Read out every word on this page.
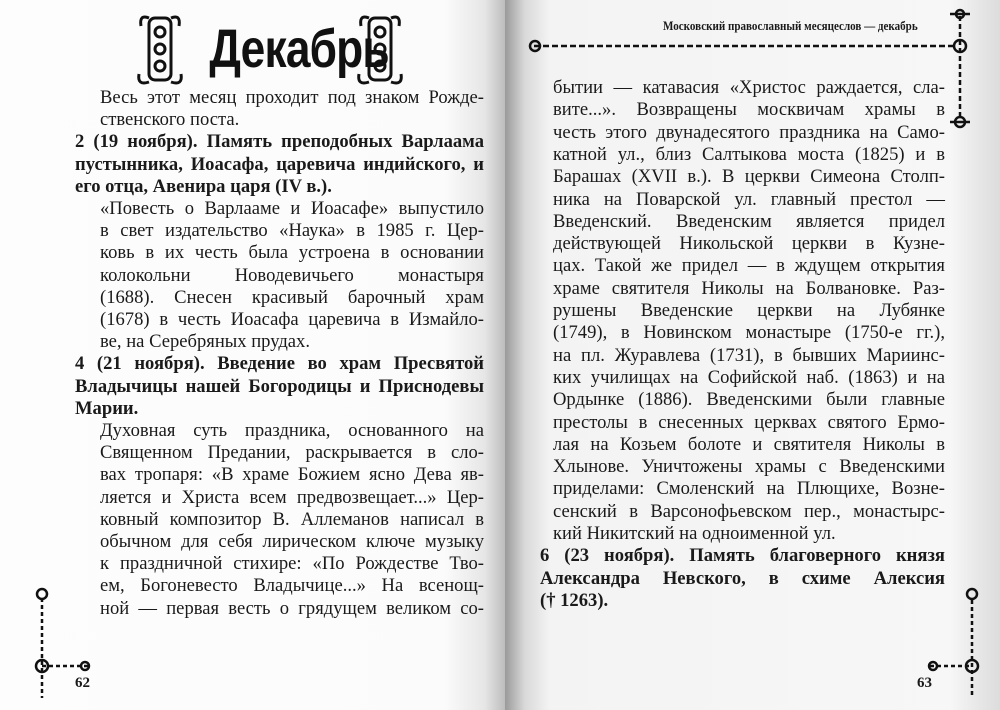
Декабрь
Весь этот месяц проходит под знаком Рожде-
ственского поста.
2 (19 ноября). Память преподобных Варлаама
пустынника, Иоасафа, царевича индийского, и
его отца, Авенира царя (IV в.).
«Повесть о Варлааме и Иоасафе» выпустило
в свет издательство «Наука» в 1985 г. Цер-
ковь в их честь была устроена в основании
колокольни Новодевичьего монастыря
(1688). Снесен красивый барочный храм
(1678) в честь Иоасафа царевича в Измайло-
ве, на Серебряных прудах.
4 (21 ноября). Введение во храм Пресвятой
Владычицы нашей Богородицы и Приснодевы
Марии.
Духовная суть праздника, основанного на
Священном Предании, раскрывается в сло-
вах тропаря: «В храме Божием ясно Дева яв-
ляется и Христа всем предвозвещает...» Цер-
ковный композитор В. Аллеманов написал в
обычном для себя лирическом ключе музыку
к праздничной стихире: «По Рождестве Тво-
ем, Богоневесто Владычице...» На всенощ-
ной — первая весть о грядущем великом со-
62
Московский православный месяцеслов — декабрь
бытии — катавасия «Христос раждается, сла-
вите...». Возвращены москвичам храмы в
честь этого двунадесятого праздника на Само-
катной ул., близ Салтыкова моста (1825) и в
Барашах (XVII в.). В церкви Симеона Столп-
ника на Поварской ул. главный престол —
Введенский. Введенским является придел
действующей Никольской церкви в Кузне-
цах. Такой же придел — в ждущем открытия
храме святителя Николы на Болвановке. Раз-
рушены Введенские церкви на Лубянке
(1749), в Новинском монастыре (1750-е гг.),
на пл. Журавлева (1731), в бывших Мариинс-
ких училищах на Софийской наб. (1863) и на
Ордынке (1886). Введенскими были главные
престолы в снесенных церквах святого Ермо-
лая на Козьем болоте и святителя Николы в
Хлынове. Уничтожены храмы с Введенскими
приделами: Смоленский на Плющихе, Возне-
сенский в Варсонофьевском пер., монастырс-
кий Никитский на одноименной ул.
6 (23 ноября). Память благоверного князя
Александра Невского, в схиме Алексия
(† 1263).
63
